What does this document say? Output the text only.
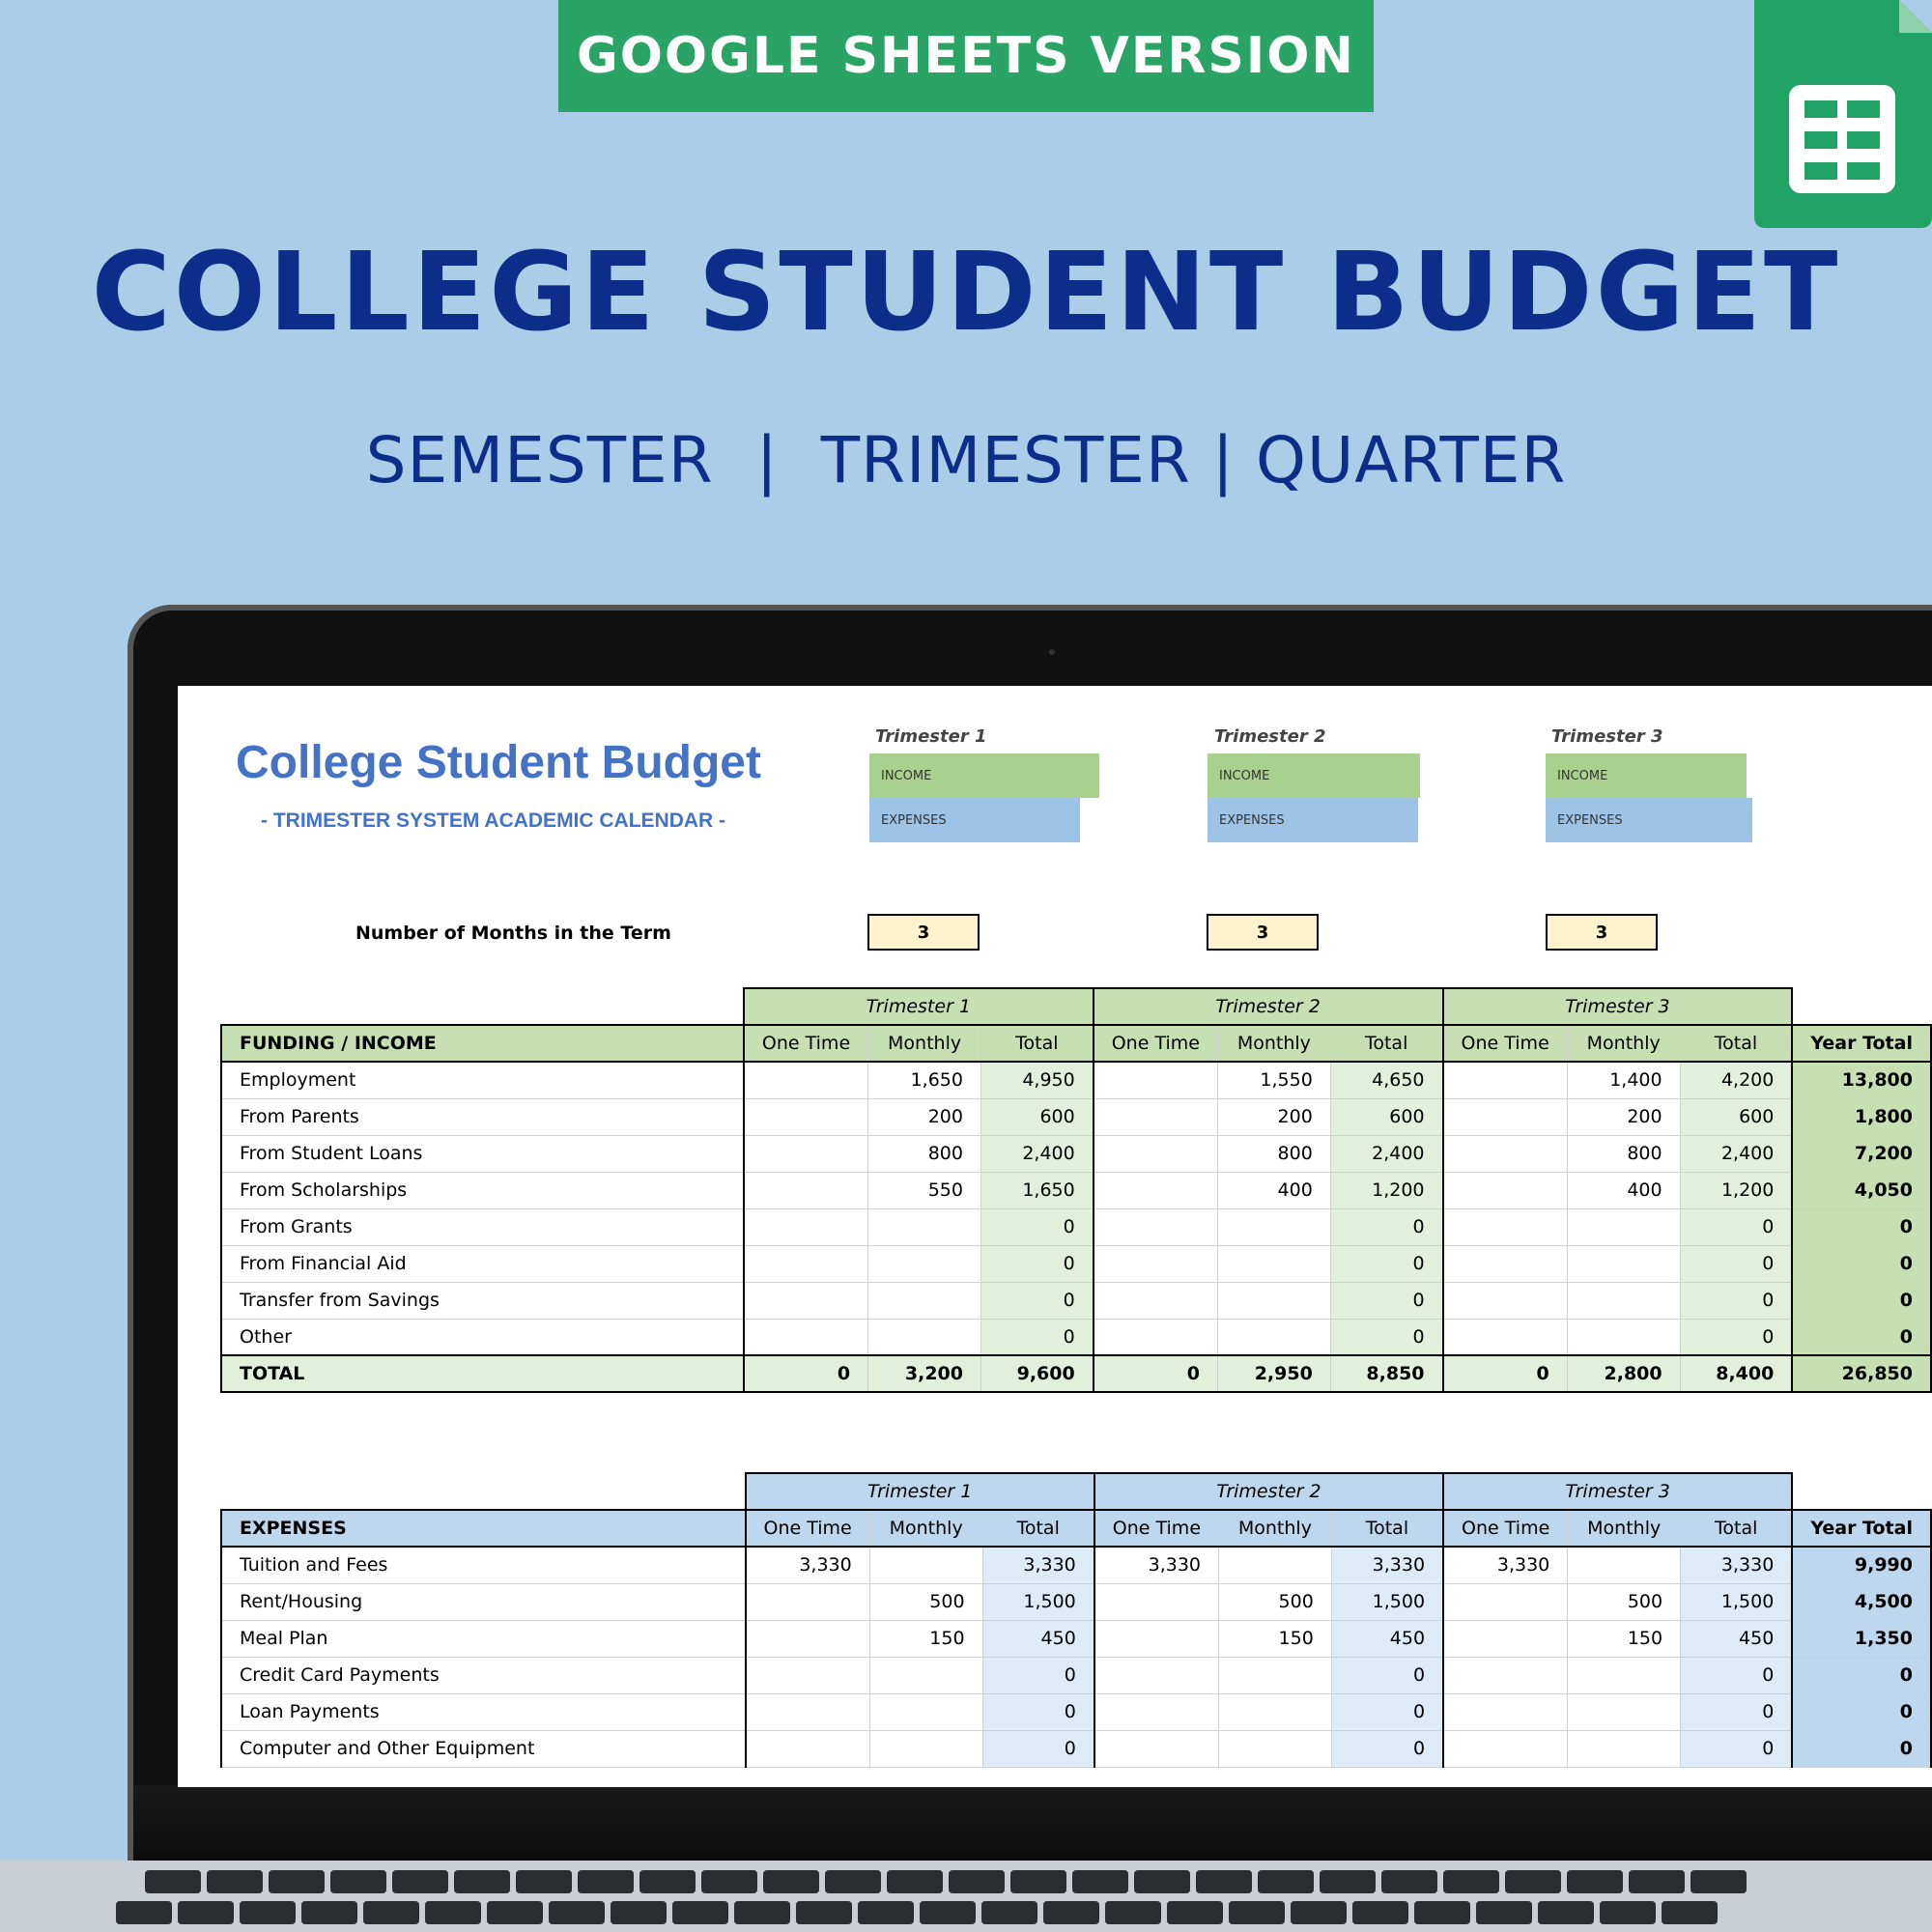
GOOGLE SHEETS VERSION
COLLEGE STUDENT BUDGET
SEMESTER  |  TRIMESTER | QUARTER
College Student Budget
- TRIMESTER SYSTEM ACADEMIC CALENDAR -
Trimester 1
INCOME
EXPENSES
Trimester 2
INCOME
EXPENSES
Trimester 3
INCOME
EXPENSES
Number of Months in the Term	3	3	3
	Trimester 1			Trimester 2			Trimester 3			
FUNDING / INCOME	One Time	Monthly	Total	One Time	Monthly	Total	One Time	Monthly	Total	Year Total
Employment		1,650	4,950		1,550	4,650		1,400	4,200	13,800
From Parents		200	600		200	600		200	600	1,800
From Student Loans		800	2,400		800	2,400		800	2,400	7,200
From Scholarships		550	1,650		400	1,200		400	1,200	4,050
From Grants			0			0			0	0
From Financial Aid			0			0			0	0
Transfer from Savings			0			0			0	0
Other			0			0			0	0
TOTAL	0	3,200	9,600	0	2,950	8,850	0	2,800	8,400	26,850
	Trimester 1			Trimester 2			Trimester 3			
EXPENSES	One Time	Monthly	Total	One Time	Monthly	Total	One Time	Monthly	Total	Year Total
Tuition and Fees	3,330		3,330	3,330		3,330	3,330		3,330	9,990
Rent/Housing		500	1,500		500	1,500		500	1,500	4,500
Meal Plan		150	450		150	450		150	450	1,350
Credit Card Payments			0			0			0	0
Loan Payments			0			0			0	0
Computer and Other Equipment			0			0			0	0
